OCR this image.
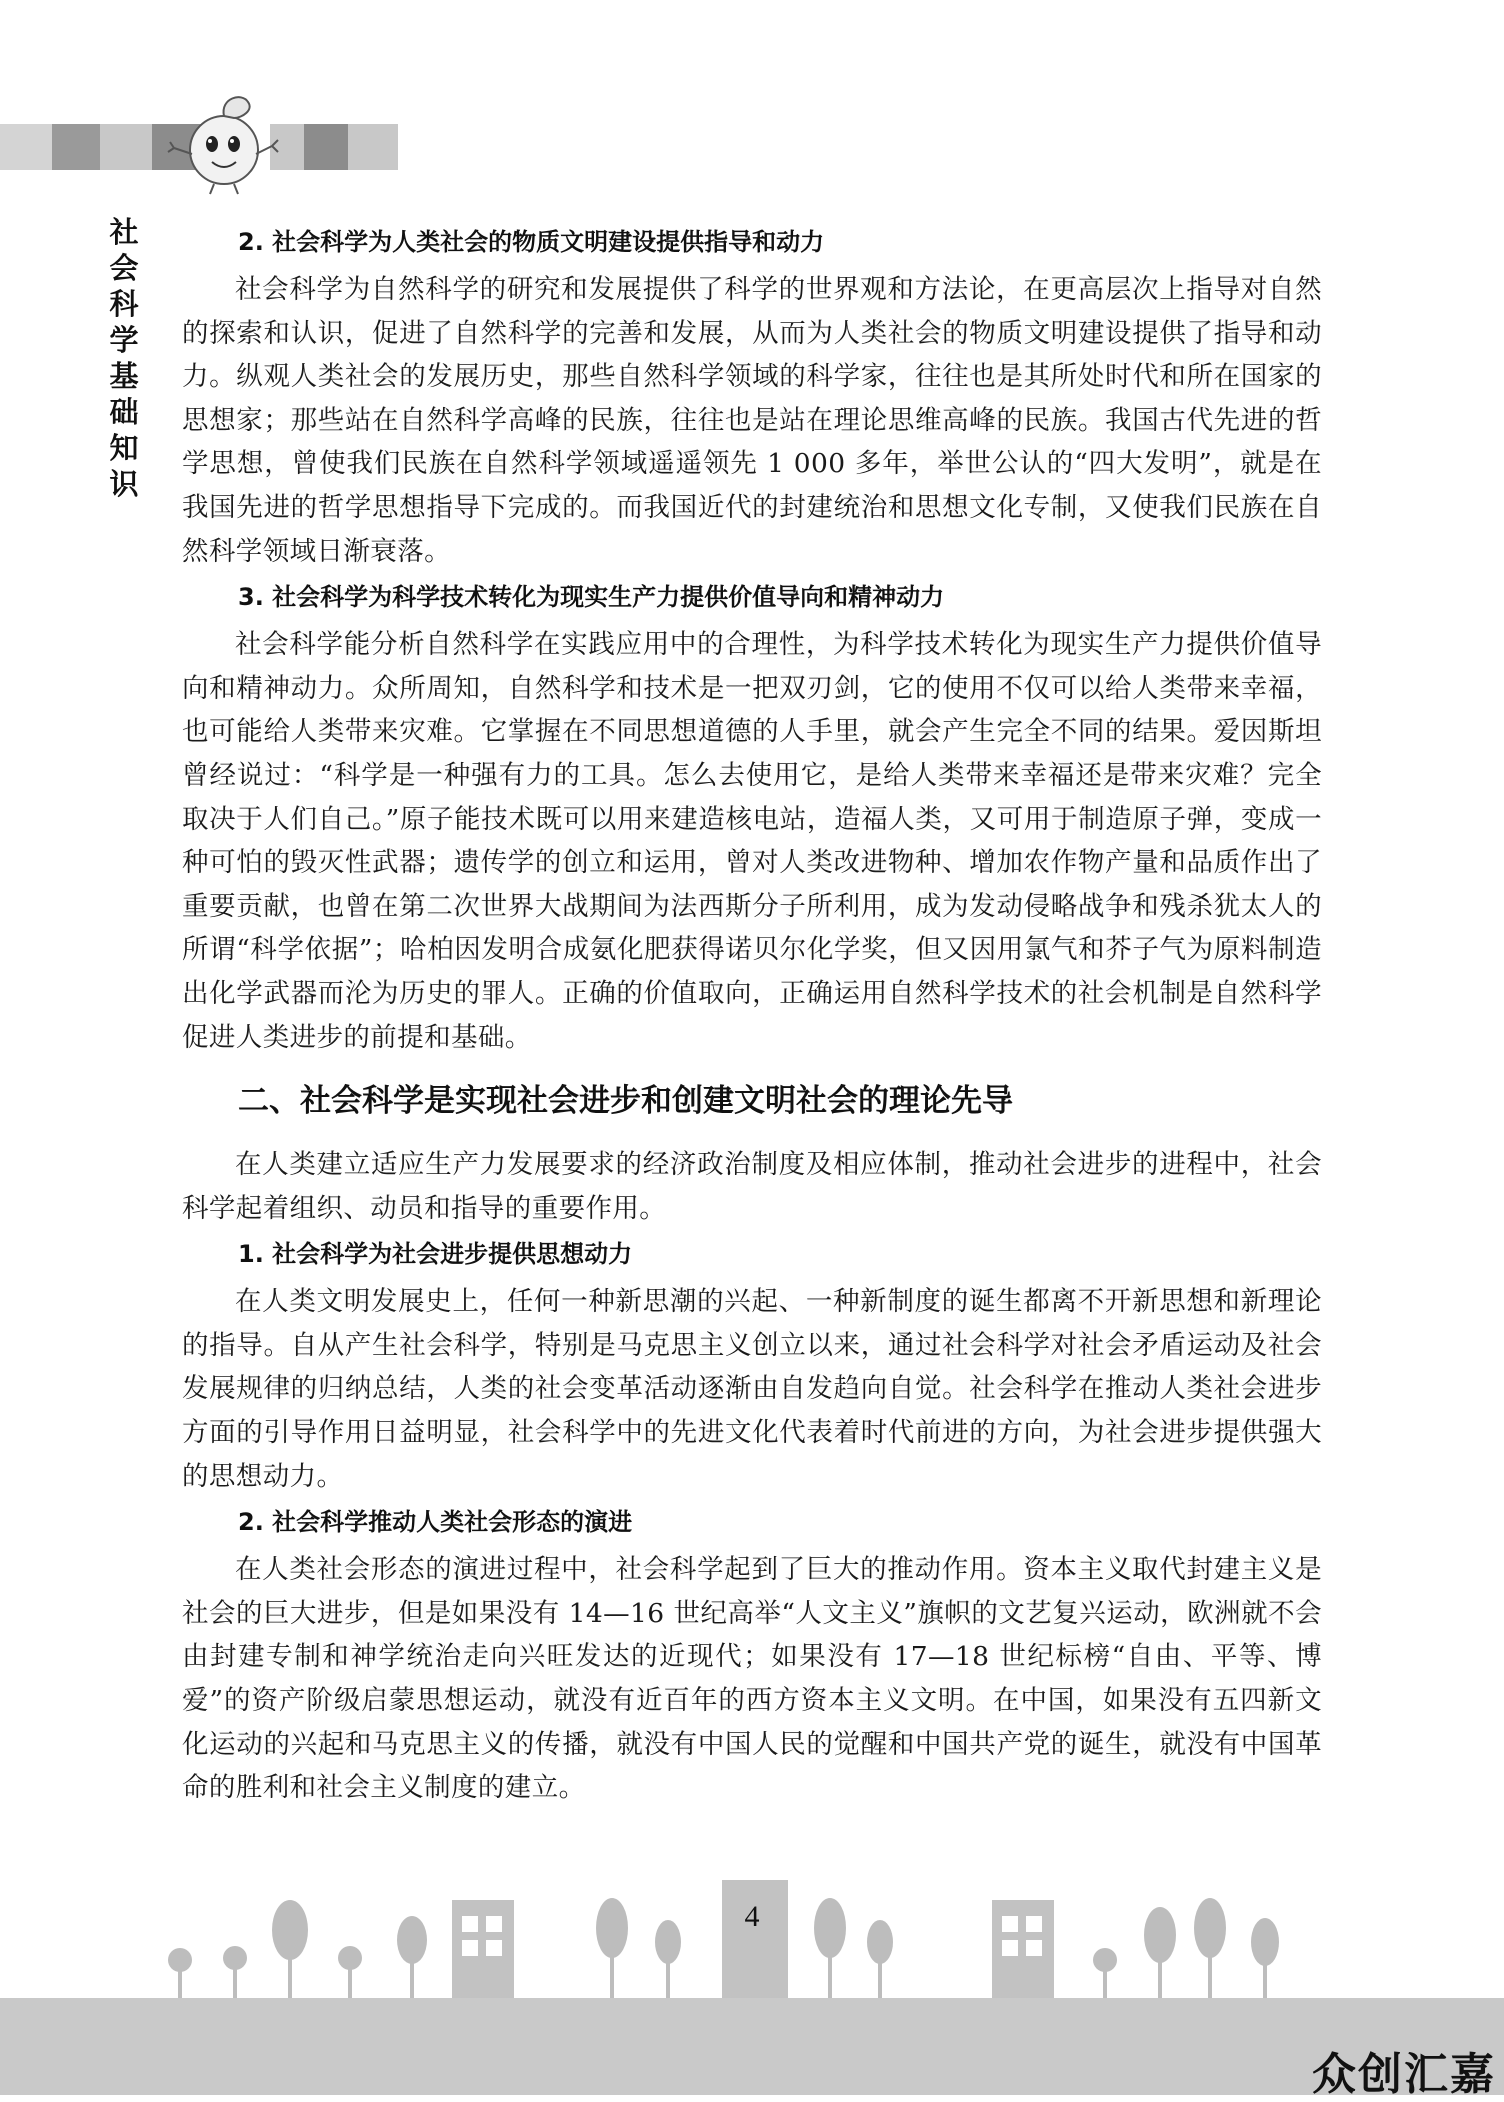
社
会
科
学
基
础
知
识
2. 社会科学为人类社会的物质文明建设提供指导和动力

社会科学为自然科学的研究和发展提供了科学的世界观和方法论，在更高层次上指导对自然的探索和认识，促进了自然科学的完善和发展，从而为人类社会的物质文明建设提供了指导和动力。纵观人类社会的发展历史，那些自然科学领域的科学家，往往也是其所处时代和所在国家的思想家；那些站在自然科学高峰的民族，往往也是站在理论思维高峰的民族。我国古代先进的哲学思想，曾使我们民族在自然科学领域遥遥领先 1 000 多年，举世公认的“四大发明”，就是在我国先进的哲学思想指导下完成的。而我国近代的封建统治和思想文化专制，又使我们民族在自然科学领域日渐衰落。

3. 社会科学为科学技术转化为现实生产力提供价值导向和精神动力

社会科学能分析自然科学在实践应用中的合理性，为科学技术转化为现实生产力提供价值导向和精神动力。众所周知，自然科学和技术是一把双刃剑，它的使用不仅可以给人类带来幸福，也可能给人类带来灾难。它掌握在不同思想道德的人手里，就会产生完全不同的结果。爱因斯坦曾经说过：“科学是一种强有力的工具。怎么去使用它，是给人类带来幸福还是带来灾难？完全取决于人们自己。”原子能技术既可以用来建造核电站，造福人类，又可用于制造原子弹，变成一种可怕的毁灭性武器；遗传学的创立和运用，曾对人类改进物种、增加农作物产量和品质作出了重要贡献，也曾在第二次世界大战期间为法西斯分子所利用，成为发动侵略战争和残杀犹太人的所谓“科学依据”；哈柏因发明合成氨化肥获得诺贝尔化学奖，但又因用氯气和芥子气为原料制造出化学武器而沦为历史的罪人。正确的价值取向，正确运用自然科学技术的社会机制是自然科学促进人类进步的前提和基础。

二、社会科学是实现社会进步和创建文明社会的理论先导

在人类建立适应生产力发展要求的经济政治制度及相应体制，推动社会进步的进程中，社会科学起着组织、动员和指导的重要作用。

1. 社会科学为社会进步提供思想动力

在人类文明发展史上，任何一种新思潮的兴起、一种新制度的诞生都离不开新思想和新理论的指导。自从产生社会科学，特别是马克思主义创立以来，通过社会科学对社会矛盾运动及社会发展规律的归纳总结，人类的社会变革活动逐渐由自发趋向自觉。社会科学在推动人类社会进步方面的引导作用日益明显，社会科学中的先进文化代表着时代前进的方向，为社会进步提供强大的思想动力。

2. 社会科学推动人类社会形态的演进

在人类社会形态的演进过程中，社会科学起到了巨大的推动作用。资本主义取代封建主义是社会的巨大进步，但是如果没有 14—16 世纪高举“人文主义”旗帜的文艺复兴运动，欧洲就不会由封建专制和神学统治走向兴旺发达的近现代；如果没有 17—18 世纪标榜“自由、平等、博爱”的资产阶级启蒙思想运动，就没有近百年的西方资本主义文明。在中国，如果没有五四新文化运动的兴起和马克思主义的传播，就没有中国人民的觉醒和中国共产党的诞生，就没有中国革命的胜利和社会主义制度的建立。

4
众创汇嘉
